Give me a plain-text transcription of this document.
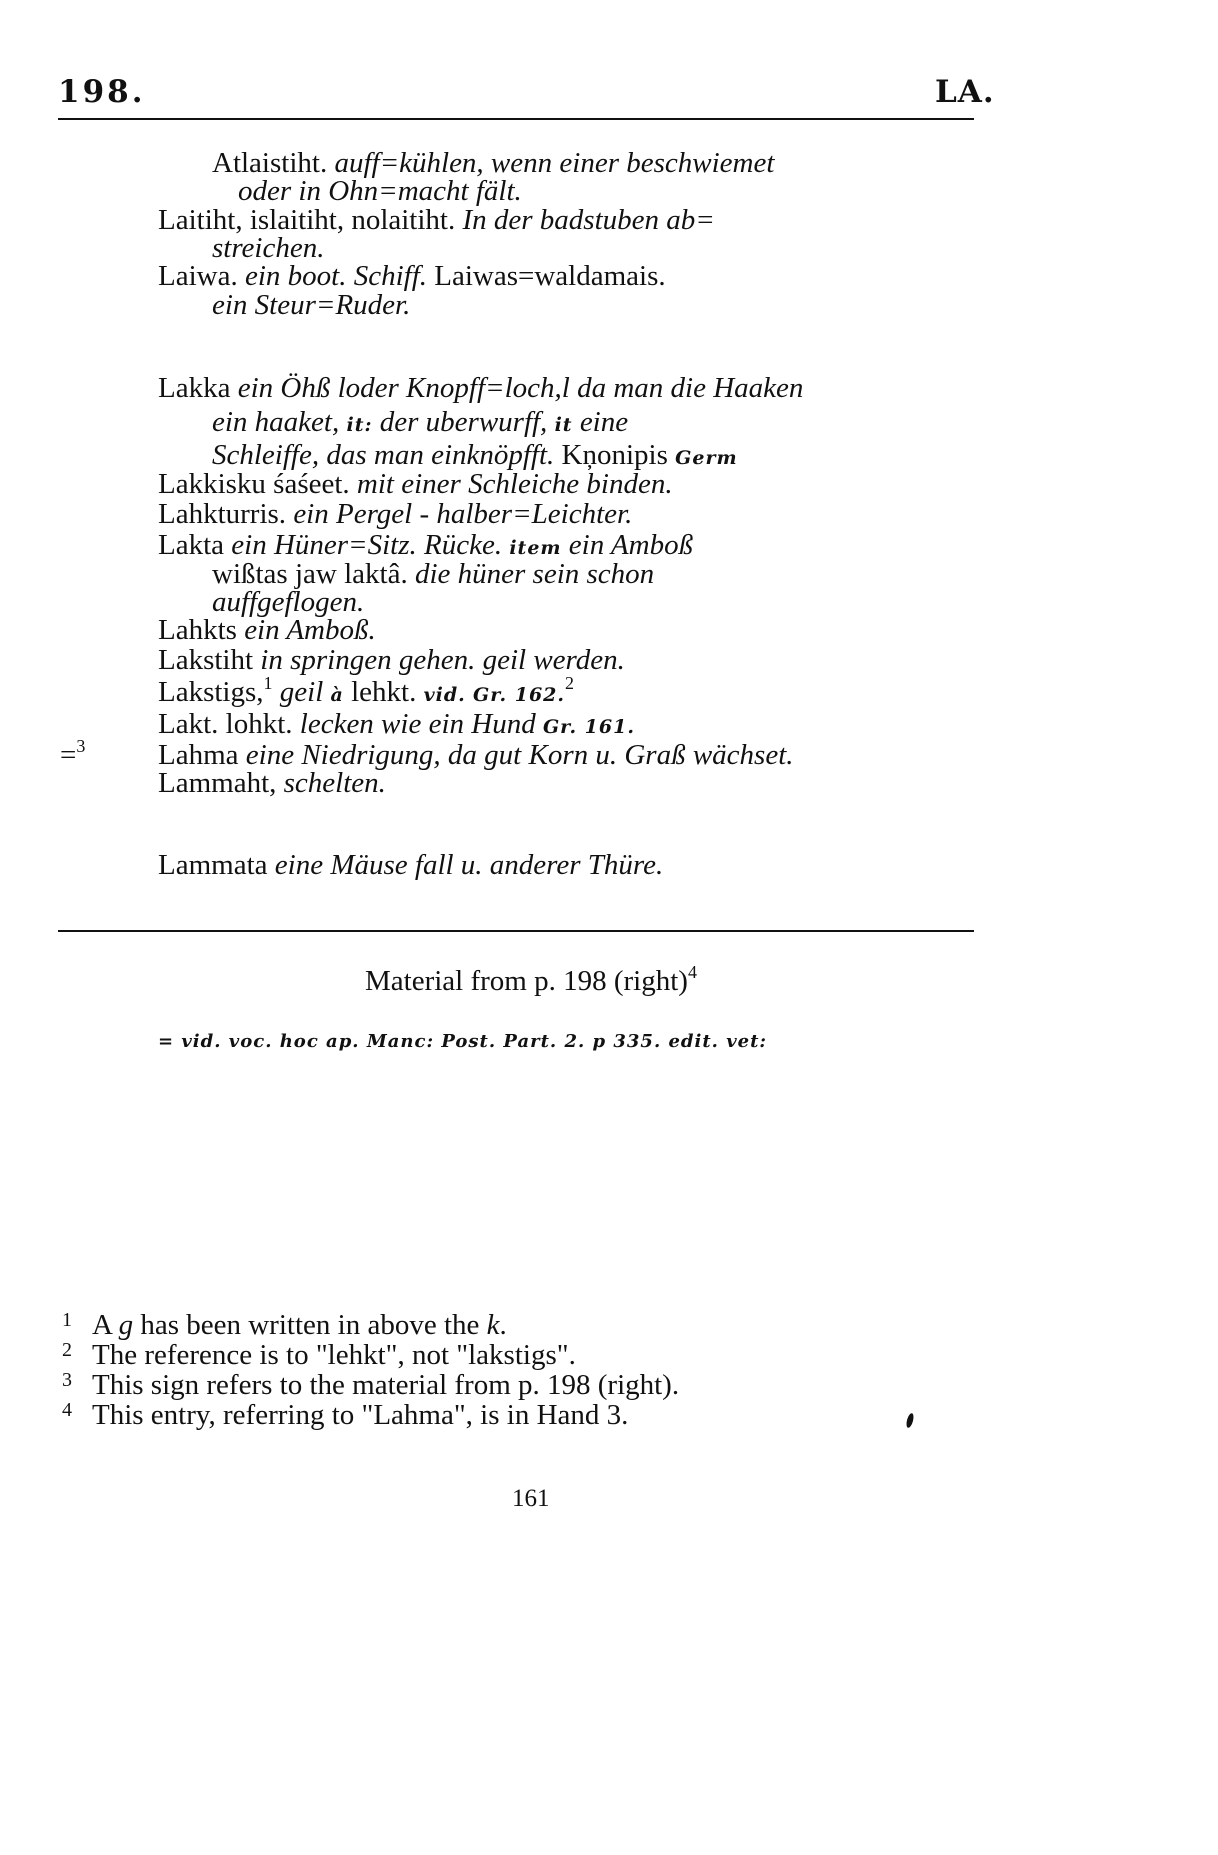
198.	LA.
Atlaistiht. auff=kühlen, wenn einer beschwiemet
oder in Ohn=macht fält.
Laitiht, islaitiht, nolaitiht. In der badstuben ab=
streichen.
Laiwa. ein boot. Schiff. Laiwas=waldamais.
ein Steur=Ruder.
Lakka ein Öhß loder Knopff=loch,l da man die Haaken
ein haaket, it: der uberwurff, it eine
Schleiffe, das man einknöpfft. Kņonipis Germ
Lakkisku śaśeet. mit einer Schleiche binden.
Lahkturris. ein Pergel - halber=Leichter.
Lakta ein Hüner=Sitz. Rücke. item ein Amboß
wißtas jaw laktâ. die hüner sein schon
auffgeflogen.
Lahkts ein Amboß.
Lakstiht in springen gehen. geil werden.
Lakstigs,$^1$ geil à lehkt. vid. Gr. 162.$^2$
Lakt. lohkt. lecken wie ein Hund Gr. 161.
=$^3$	Lahma eine Niedrigung, da gut Korn u. Graß wächset.
Lammaht, schelten.
Lammata eine Mäuse fall u. anderer Thüre.
Material from p. 198 (right)$^4$
= vid. voc. hoc ap. Manc: Post. Part. 2. p 335. edit. vet:
1 A g has been written in above the k.
2 The reference is to "lehkt", not "lakstigs".
3 This sign refers to the material from p. 198 (right).
4 This entry, referring to "Lahma", is in Hand 3.
161
